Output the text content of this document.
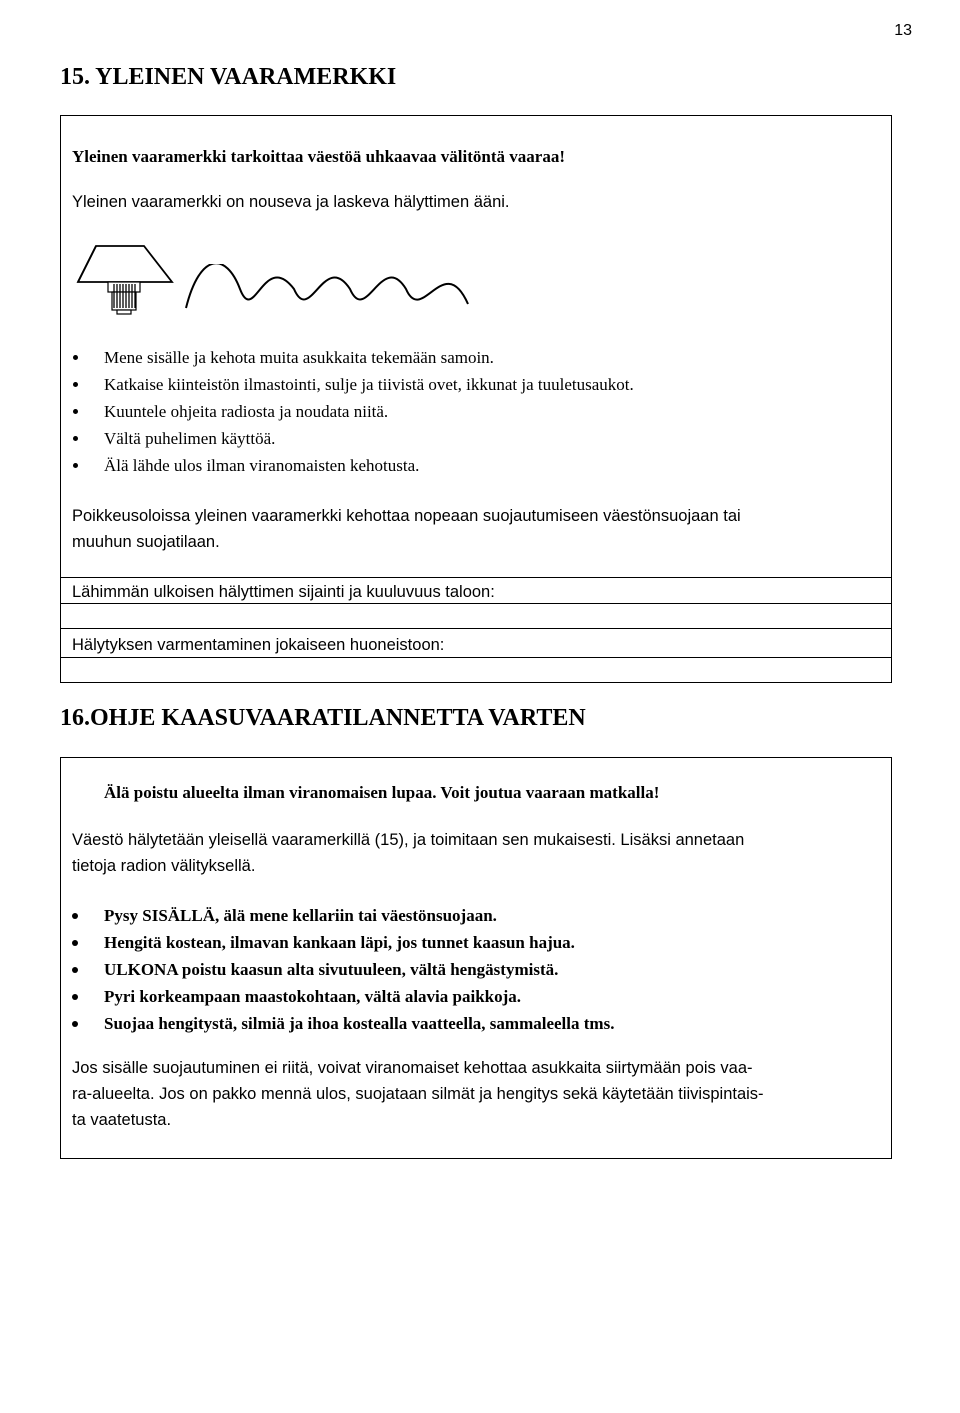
13
15. YLEINEN VAARAMERKKI

Yleinen vaaramerkki tarkoittaa väestöä uhkaavaa välitöntä vaaraa!

Yleinen vaaramerkki on nouseva ja laskeva hälyttimen ääni.

Mene sisälle ja kehota muita asukkaita tekemään samoin.
Katkaise kiinteistön ilmastointi, sulje ja tiivistä ovet, ikkunat ja tuuletusaukot.
Kuuntele ohjeita radiosta ja noudata niitä.
Vältä puhelimen käyttöä.
Älä lähde ulos ilman viranomaisten kehotusta.

Poikkeusoloissa yleinen vaaramerkki kehottaa nopeaan suojautumiseen väestönsuojaan tai

muuhun suojatilaan.

Lähimmän ulkoisen hälyttimen sijainti ja kuuluvuus taloon:

Hälytyksen varmentaminen jokaiseen huoneistoon:

16.OHJE KAASUVAARATILANNETTA VARTEN

Älä poistu alueelta ilman viranomaisen lupaa. Voit joutua vaaraan matkalla!

Väestö hälytetään yleisellä vaaramerkillä (15), ja toimitaan sen mukaisesti. Lisäksi annetaan

tietoja radion välityksellä.

Pysy SISÄLLÄ, älä mene kellariin tai väestönsuojaan.
Hengitä kostean, ilmavan kankaan läpi, jos tunnet kaasun hajua.
ULKONA poistu kaasun alta sivutuuleen, vältä hengästymistä.
Pyri korkeampaan maastokohtaan, vältä alavia paikkoja.
Suojaa hengitystä, silmiä ja ihoa kostealla vaatteella, sammaleella tms.

Jos sisälle suojautuminen ei riitä, voivat viranomaiset kehottaa asukkaita siirtymään pois vaa-

ra-alueelta. Jos on pakko mennä ulos, suojataan silmät ja hengitys sekä käytetään tiivispintais-

ta vaatetusta.
